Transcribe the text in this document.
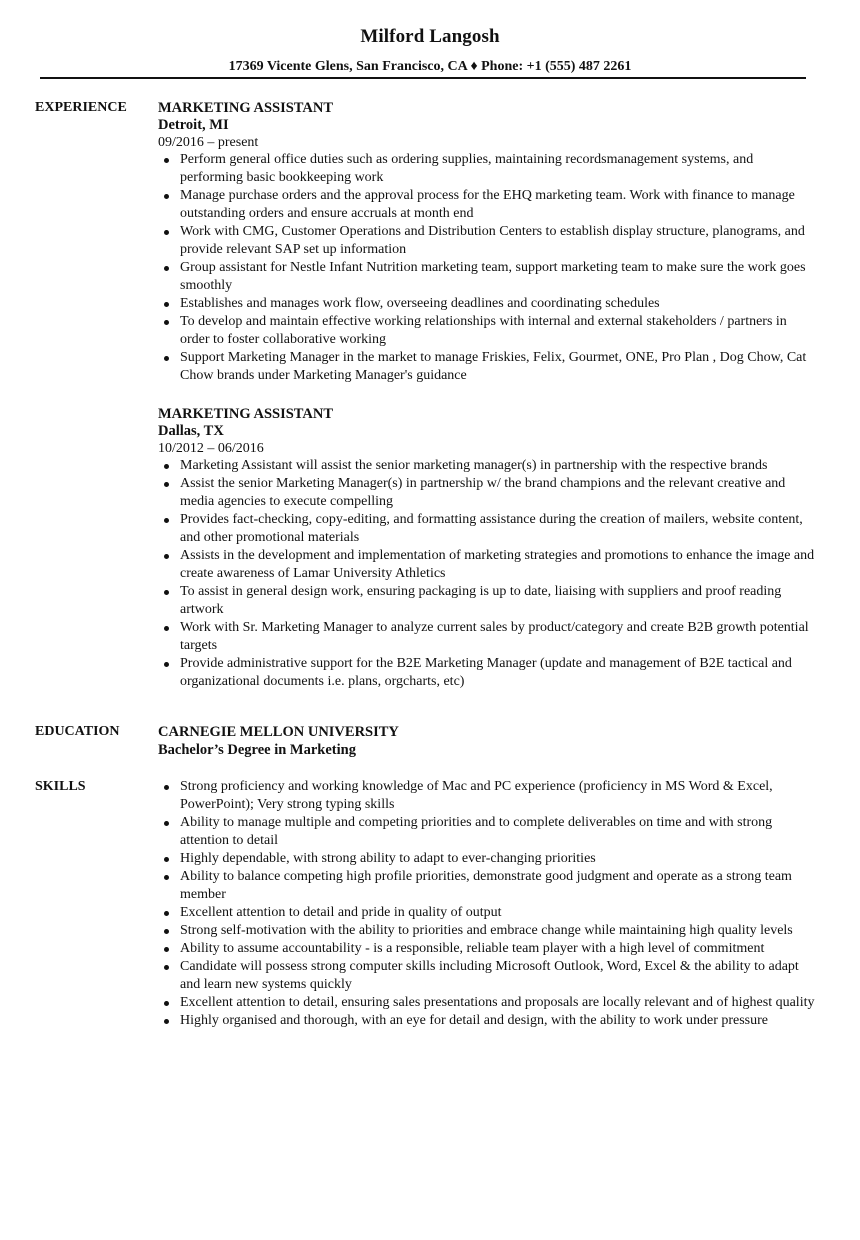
Milford Langosh
17369 Vicente Glens, San Francisco, CA ♦ Phone: +1 (555) 487 2261
EXPERIENCE	MARKETING ASSISTANT
Detroit, MI
09/2016 – present
Perform general office duties such as ordering supplies, maintaining recordsmanagement systems, and performing basic bookkeeping work
Manage purchase orders and the approval process for the EHQ marketing team. Work with finance to manage outstanding orders and ensure accruals at month end
Work with CMG, Customer Operations and Distribution Centers to establish display structure, planograms, and provide relevant SAP set up information
Group assistant for Nestle Infant Nutrition marketing team, support marketing team to make sure the work goes smoothly
Establishes and manages work flow, overseeing deadlines and coordinating schedules
To develop and maintain effective working relationships with internal and external stakeholders / partners in order to foster collaborative working
Support Marketing Manager in the market to manage Friskies, Felix, Gourmet, ONE, Pro Plan , Dog Chow, Cat Chow brands under Marketing Manager's guidance
MARKETING ASSISTANT
Dallas, TX
10/2012 – 06/2016
Marketing Assistant will assist the senior marketing manager(s) in partnership with the respective brands
Assist the senior Marketing Manager(s) in partnership w/ the brand champions and the relevant creative and media agencies to execute compelling
Provides fact-checking, copy-editing, and formatting assistance during the creation of mailers, website content, and other promotional materials
Assists in the development and implementation of marketing strategies and promotions to enhance the image and create awareness of Lamar University Athletics
To assist in general design work, ensuring packaging is up to date, liaising with suppliers and proof reading artwork
Work with Sr. Marketing Manager to analyze current sales by product/category and create B2B growth potential targets
Provide administrative support for the B2E Marketing Manager (update and management of B2E tactical and organizational documents i.e. plans, orgcharts, etc)
EDUCATION	CARNEGIE MELLON UNIVERSITY
Bachelor’s Degree in Marketing
SKILLS	Strong proficiency and working knowledge of Mac and PC experience (proficiency in MS Word & Excel, PowerPoint); Very strong typing skills
Ability to manage multiple and competing priorities and to complete deliverables on time and with strong attention to detail
Highly dependable, with strong ability to adapt to ever-changing priorities
Ability to balance competing high profile priorities, demonstrate good judgment and operate as a strong team member
Excellent attention to detail and pride in quality of output
Strong self-motivation with the ability to priorities and embrace change while maintaining high quality levels
Ability to assume accountability - is a responsible, reliable team player with a high level of commitment
Candidate will possess strong computer skills including Microsoft Outlook, Word, Excel & the ability to adapt and learn new systems quickly
Excellent attention to detail, ensuring sales presentations and proposals are locally relevant and of highest quality
Highly organised and thorough, with an eye for detail and design, with the ability to work under pressure
